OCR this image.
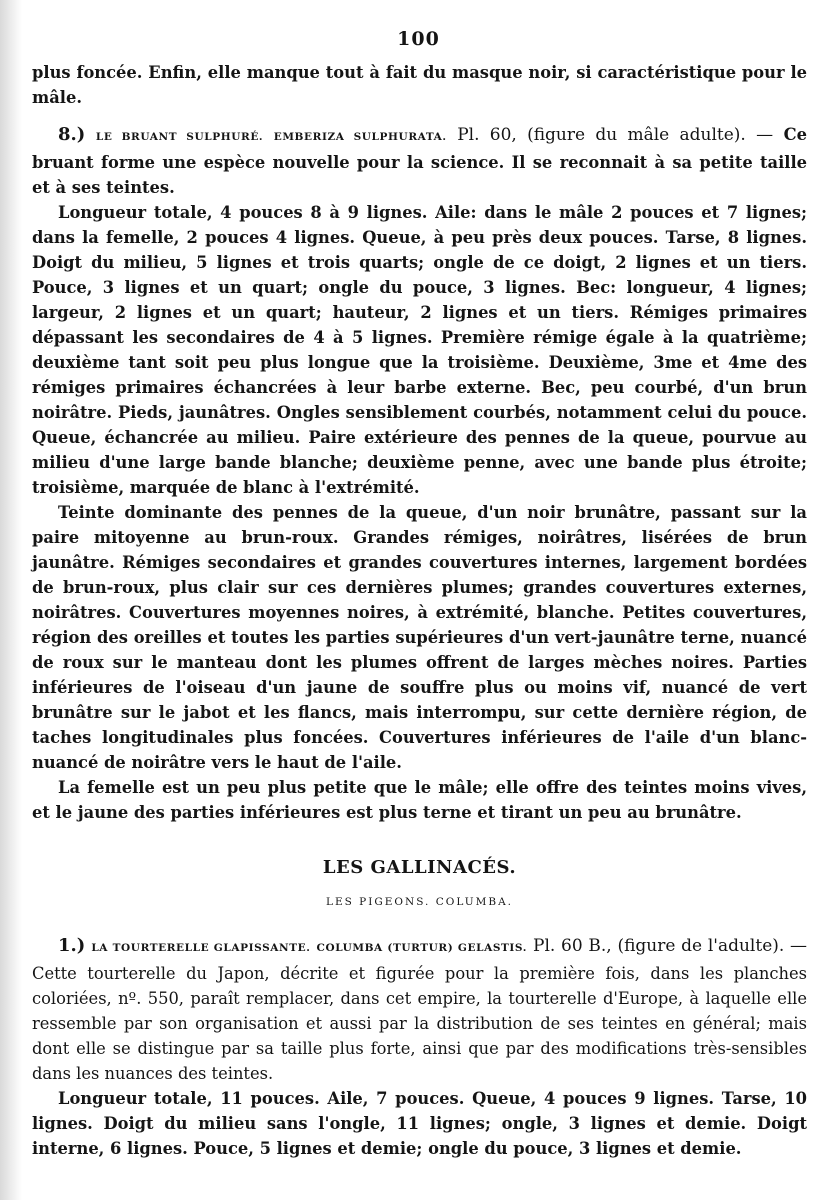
100

plus foncée. Enfin, elle manque tout à fait du masque noir, si caractéristique pour le mâle.

8.) LE BRUANT SULPHURÉ. EMBERIZA SULPHURATA. Pl. 60, (figure du mâle adulte). — Ce bruant forme une espèce nouvelle pour la science. Il se reconnait à sa petite taille et à ses teintes.

Longueur totale, 4 pouces 8 à 9 lignes. Aile: dans le mâle 2 pouces et 7 lignes; dans la femelle, 2 pouces 4 lignes. Queue, à peu près deux pouces. Tarse, 8 lignes. Doigt du milieu, 5 lignes et trois quarts; ongle de ce doigt, 2 lignes et un tiers. Pouce, 3 lignes et un quart; ongle du pouce, 3 lignes. Bec: longueur, 4 lignes; largeur, 2 lignes et un quart; hauteur, 2 lignes et un tiers. Rémiges primaires dépassant les secondaires de 4 à 5 lignes. Première rémige égale à la quatrième; deuxième tant soit peu plus longue que la troisième. Deuxième, 3me et 4me des rémiges primaires échancrées à leur barbe externe. Bec, peu courbé, d'un brun noirâtre. Pieds, jaunâtres. Ongles sensiblement courbés, notamment celui du pouce. Queue, échancrée au milieu. Paire extérieure des pennes de la queue, pourvue au milieu d'une large bande blanche; deuxième penne, avec une bande plus étroite; troisième, marquée de blanc à l'extrémité.

Teinte dominante des pennes de la queue, d'un noir brunâtre, passant sur la paire mitoyenne au brun-roux. Grandes rémiges, noirâtres, lisérées de brun jaunâtre. Rémiges secondaires et grandes couvertures internes, largement bordées de brun-roux, plus clair sur ces dernières plumes; grandes couvertures externes, noirâtres. Couvertures moyennes noires, à extrémité, blanche. Petites couvertures, région des oreilles et toutes les parties supérieures d'un vert-jaunâtre terne, nuancé de roux sur le manteau dont les plumes offrent de larges mèches noires. Parties inférieures de l'oiseau d'un jaune de souffre plus ou moins vif, nuancé de vert brunâtre sur le jabot et les flancs, mais interrompu, sur cette dernière région, de taches longitudinales plus foncées. Couvertures inférieures de l'aile d'un blanc-nuancé de noirâtre vers le haut de l'aile.

La femelle est un peu plus petite que le mâle; elle offre des teintes moins vives, et le jaune des parties inférieures est plus terne et tirant un peu au brunâtre.

LES GALLINACÉS.

LES PIGEONS. COLUMBA.

1.) LA TOURTERELLE GLAPISSANTE. COLUMBA (TURTUR) GELASTIS. Pl. 60 B., (figure de l'adulte). — Cette tourterelle du Japon, décrite et figurée pour la première fois, dans les planches coloriées, nº. 550, paraît remplacer, dans cet empire, la tourterelle d'Europe, à laquelle elle ressemble par son organisation et aussi par la distribution de ses teintes en général; mais dont elle se distingue par sa taille plus forte, ainsi que par des modifications très-sensibles dans les nuances des teintes.

Longueur totale, 11 pouces. Aile, 7 pouces. Queue, 4 pouces 9 lignes. Tarse, 10 lignes. Doigt du milieu sans l'ongle, 11 lignes; ongle, 3 lignes et demie. Doigt interne, 6 lignes. Pouce, 5 lignes et demie; ongle du pouce, 3 lignes et demie.
